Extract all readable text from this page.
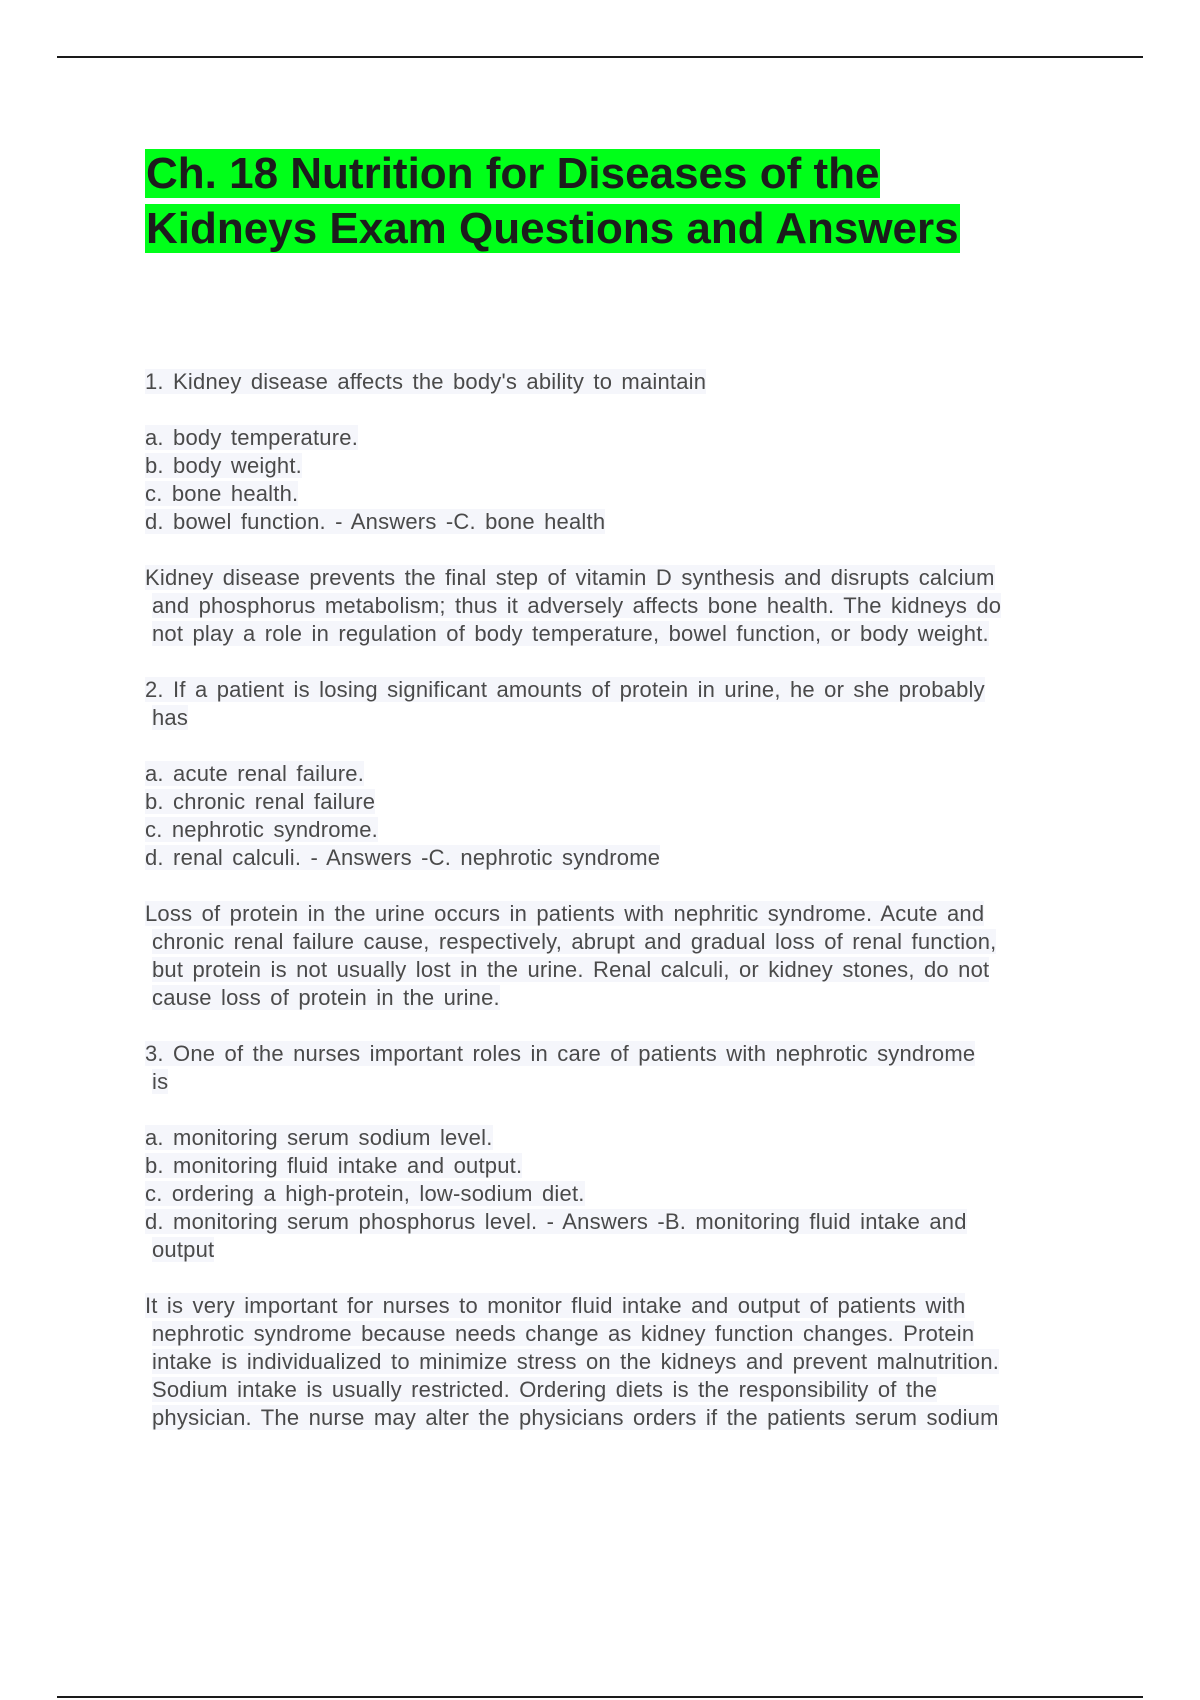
Ch. 18 Nutrition for Diseases of the
Kidneys Exam Questions and Answers
1. Kidney disease affects the body's ability to maintain
a. body temperature.
b. body weight.
c. bone health.
d. bowel function. - Answers -C. bone health
Kidney disease prevents the final step of vitamin D synthesis and disrupts calcium
and phosphorus metabolism; thus it adversely affects bone health. The kidneys do
not play a role in regulation of body temperature, bowel function, or body weight.
2. If a patient is losing significant amounts of protein in urine, he or she probably
has
a. acute renal failure.
b. chronic renal failure
c. nephrotic syndrome.
d. renal calculi. - Answers -C. nephrotic syndrome
Loss of protein in the urine occurs in patients with nephritic syndrome. Acute and
chronic renal failure cause, respectively, abrupt and gradual loss of renal function,
but protein is not usually lost in the urine. Renal calculi, or kidney stones, do not
cause loss of protein in the urine.
3. One of the nurses important roles in care of patients with nephrotic syndrome
is
a. monitoring serum sodium level.
b. monitoring fluid intake and output.
c. ordering a high-protein, low-sodium diet.
d. monitoring serum phosphorus level. - Answers -B. monitoring fluid intake and
output
It is very important for nurses to monitor fluid intake and output of patients with
nephrotic syndrome because needs change as kidney function changes. Protein
intake is individualized to minimize stress on the kidneys and prevent malnutrition.
Sodium intake is usually restricted. Ordering diets is the responsibility of the
physician. The nurse may alter the physicians orders if the patients serum sodium
